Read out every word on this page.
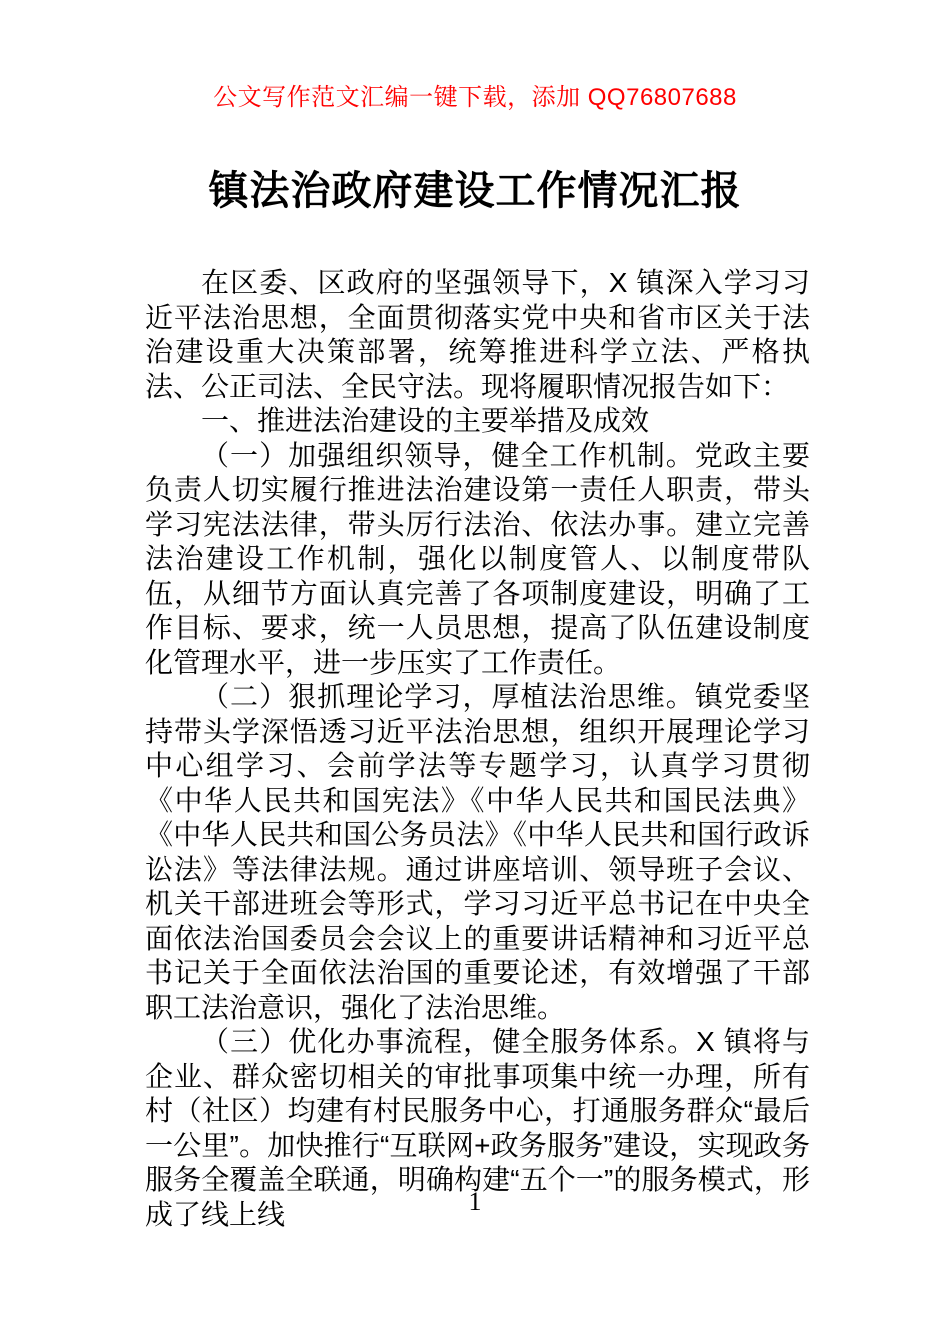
公文写作范文汇编一键下载，添加 QQ76807688
镇法治政府建设工作情况汇报

在区委、区政府的坚强领导下，X 镇深入学习习近平法治思想，全面贯彻落实党中央和省市区关于法治建设重大决策部署，统筹推进科学立法、严格执法、公正司法、全民守法。现将履职情况报告如下：

一、推进法治建设的主要举措及成效

（一）加强组织领导，健全工作机制。党政主要负责人切实履行推进法治建设第一责任人职责，带头学习宪法法律，带头厉行法治、依法办事。建立完善法治建设工作机制，强化以制度管人、以制度带队伍，从细节方面认真完善了各项制度建设，明确了工作目标、要求，统一人员思想，提高了队伍建设制度化管理水平，进一步压实了工作责任。

（二）狠抓理论学习，厚植法治思维。镇党委坚持带头学深悟透习近平法治思想，组织开展理论学习中心组学习、会前学法等专题学习，认真学习贯彻《中华人民共和国宪法》《中华人民共和国民法典》《中华人民共和国公务员法》《中华人民共和国行政诉讼法》等法律法规。通过讲座培训、领导班子会议、机关干部进班会等形式，学习习近平总书记在中央全面依法治国委员会会议上的重要讲话精神和习近平总书记关于全面依法治国的重要论述，有效增强了干部职工法治意识，强化了法治思维。

（三）优化办事流程，健全服务体系。X 镇将与企业、群众密切相关的审批事项集中统一办理，所有村（社区）均建有村民服务中心，打通服务群众“最后一公里”。加快推行“互联网+政务服务”建设，实现政务服务全覆盖全联通，明确构建“五个一”的服务模式，形成了线上线	1
